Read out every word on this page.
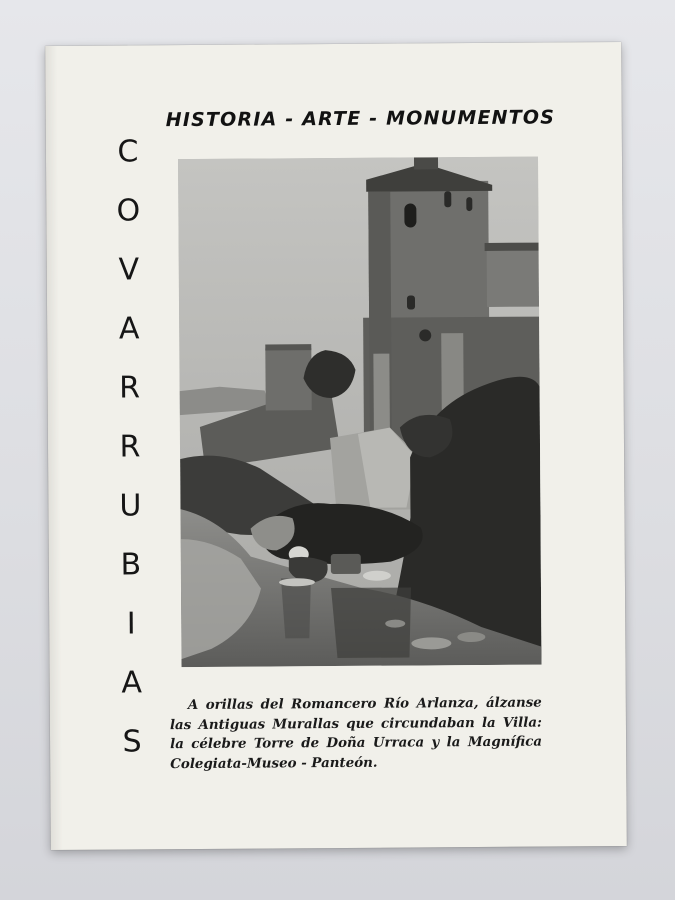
C
O
V
A
R
R
U
B
I
A
S
HISTORIA - ARTE - MONUMENTOS

A orillas del Romancero Río Arlanza, álzanse las Antiguas Murallas que circundaban la Villa: la célebre Torre de Doña Urraca y la Magnífica Colegiata-Museo - Panteón.
